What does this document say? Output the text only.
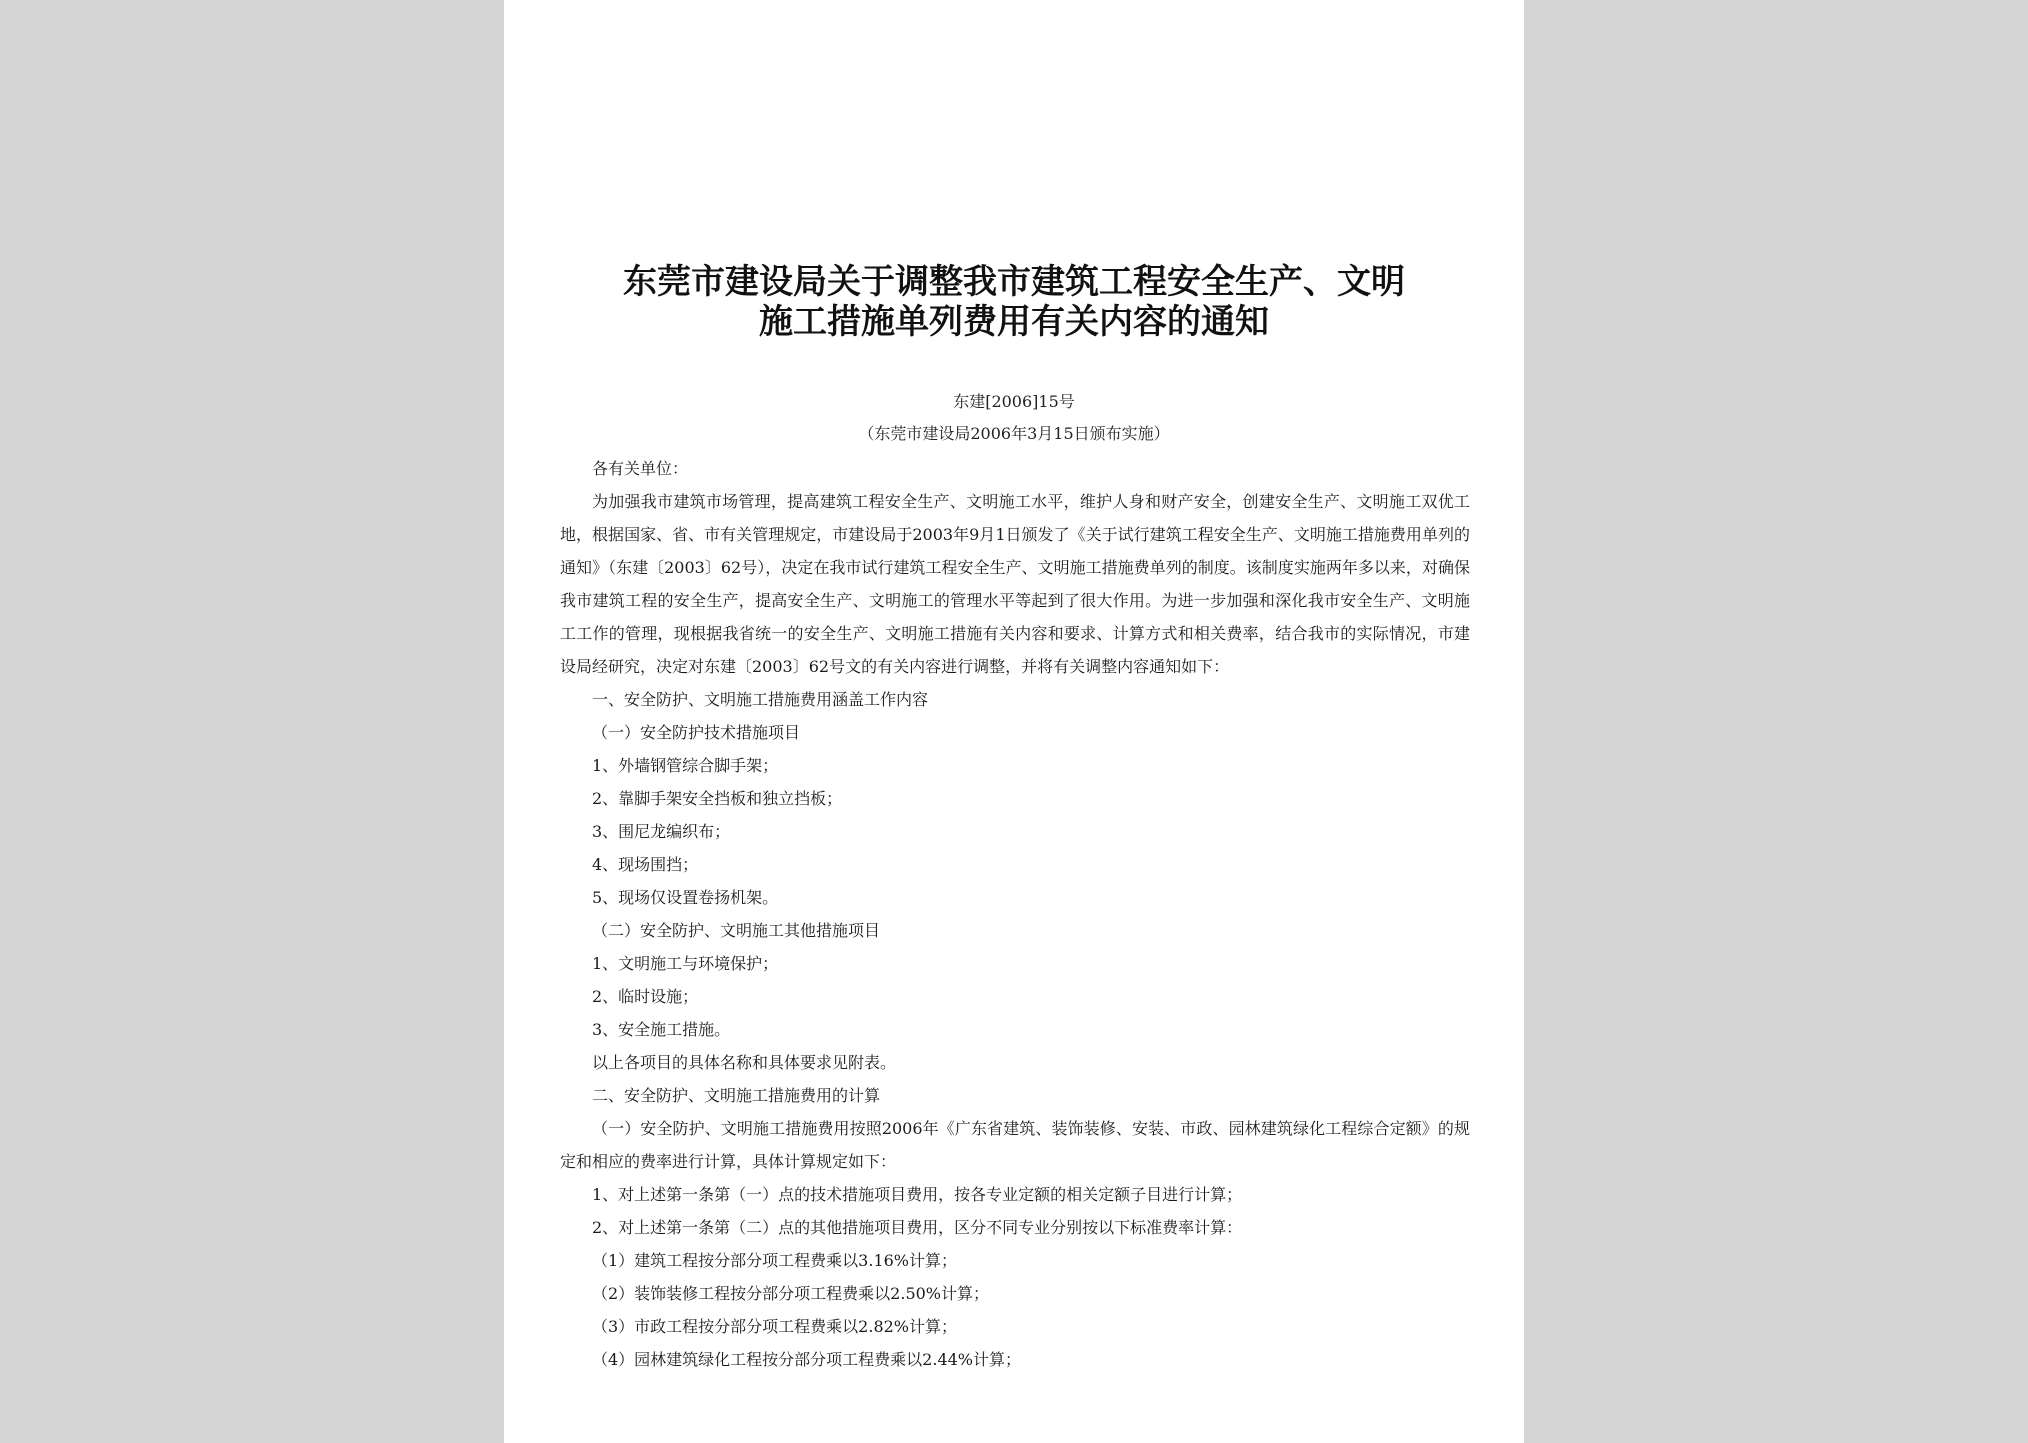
东莞市建设局关于调整我市建筑工程安全生产、文明
施工措施单列费用有关内容的通知
东建[2006]15号
（东莞市建设局2006年3月15日颁布实施）

各有关单位：

为加强我市建筑市场管理，提高建筑工程安全生产、文明施工水平，维护人身和财产安全，创建安全生产、文明施工双优工地，根据国家、省、市有关管理规定，市建设局于2003年9月1日颁发了《关于试行建筑工程安全生产、文明施工措施费用单列的通知》（东建〔2003〕62号），决定在我市试行建筑工程安全生产、文明施工措施费单列的制度。该制度实施两年多以来，对确保我市建筑工程的安全生产，提高安全生产、文明施工的管理水平等起到了很大作用。为进一步加强和深化我市安全生产、文明施工工作的管理，现根据我省统一的安全生产、文明施工措施有关内容和要求、计算方式和相关费率，结合我市的实际情况，市建设局经研究，决定对东建〔2003〕62号文的有关内容进行调整，并将有关调整内容通知如下：

一、安全防护、文明施工措施费用涵盖工作内容

（一）安全防护技术措施项目

1、外墙钢管综合脚手架；

2、靠脚手架安全挡板和独立挡板；

3、围尼龙编织布；

4、现场围挡；

5、现场仅设置卷扬机架。

（二）安全防护、文明施工其他措施项目

1、文明施工与环境保护；

2、临时设施；

3、安全施工措施。

以上各项目的具体名称和具体要求见附表。

二、安全防护、文明施工措施费用的计算

（一）安全防护、文明施工措施费用按照2006年《广东省建筑、装饰装修、安装、市政、园林建筑绿化工程综合定额》的规定和相应的费率进行计算，具体计算规定如下：

1、对上述第一条第（一）点的技术措施项目费用，按各专业定额的相关定额子目进行计算；

2、对上述第一条第（二）点的其他措施项目费用，区分不同专业分别按以下标准费率计算：

（1）建筑工程按分部分项工程费乘以3.16%计算；

（2）装饰装修工程按分部分项工程费乘以2.50%计算；

（3）市政工程按分部分项工程费乘以2.82%计算；

（4）园林建筑绿化工程按分部分项工程费乘以2.44%计算；
